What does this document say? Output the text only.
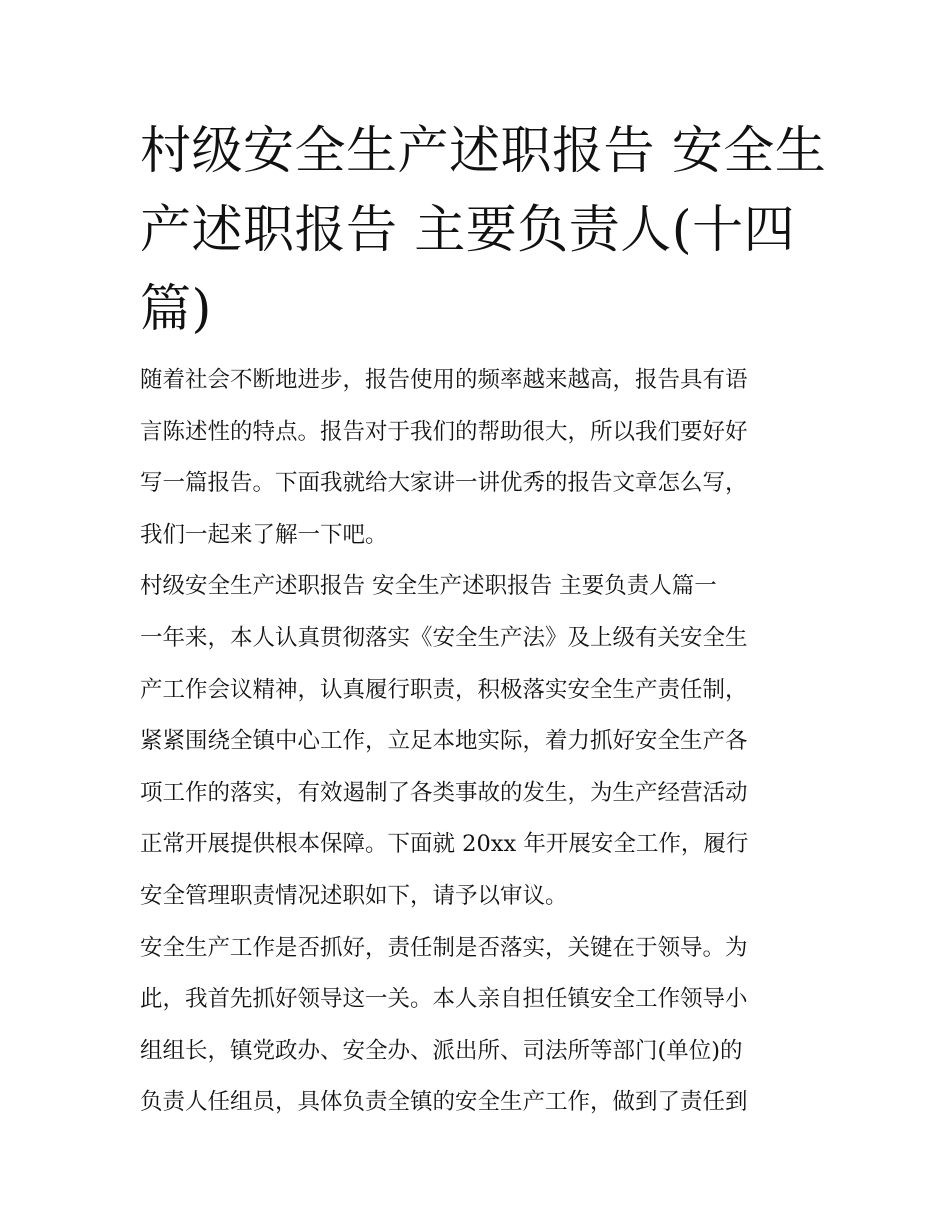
村级安全生产述职报告 安全生
产述职报告 主要负责人(十四
篇)
随着社会不断地进步，报告使用的频率越来越高，报告具有语
言陈述性的特点。报告对于我们的帮助很大，所以我们要好好
写一篇报告。下面我就给大家讲一讲优秀的报告文章怎么写，
我们一起来了解一下吧。
村级安全生产述职报告 安全生产述职报告 主要负责人篇一
一年来，本人认真贯彻落实《安全生产法》及上级有关安全生
产工作会议精神，认真履行职责，积极落实安全生产责任制，
紧紧围绕全镇中心工作，立足本地实际，着力抓好安全生产各
项工作的落实，有效遏制了各类事故的发生，为生产经营活动
正常开展提供根本保障。下面就 20xx 年开展安全工作，履行
安全管理职责情况述职如下，请予以审议。
安全生产工作是否抓好，责任制是否落实，关键在于领导。为
此，我首先抓好领导这一关。本人亲自担任镇安全工作领导小
组组长，镇党政办、安全办、派出所、司法所等部门(单位)的
负责人任组员，具体负责全镇的安全生产工作，做到了责任到
